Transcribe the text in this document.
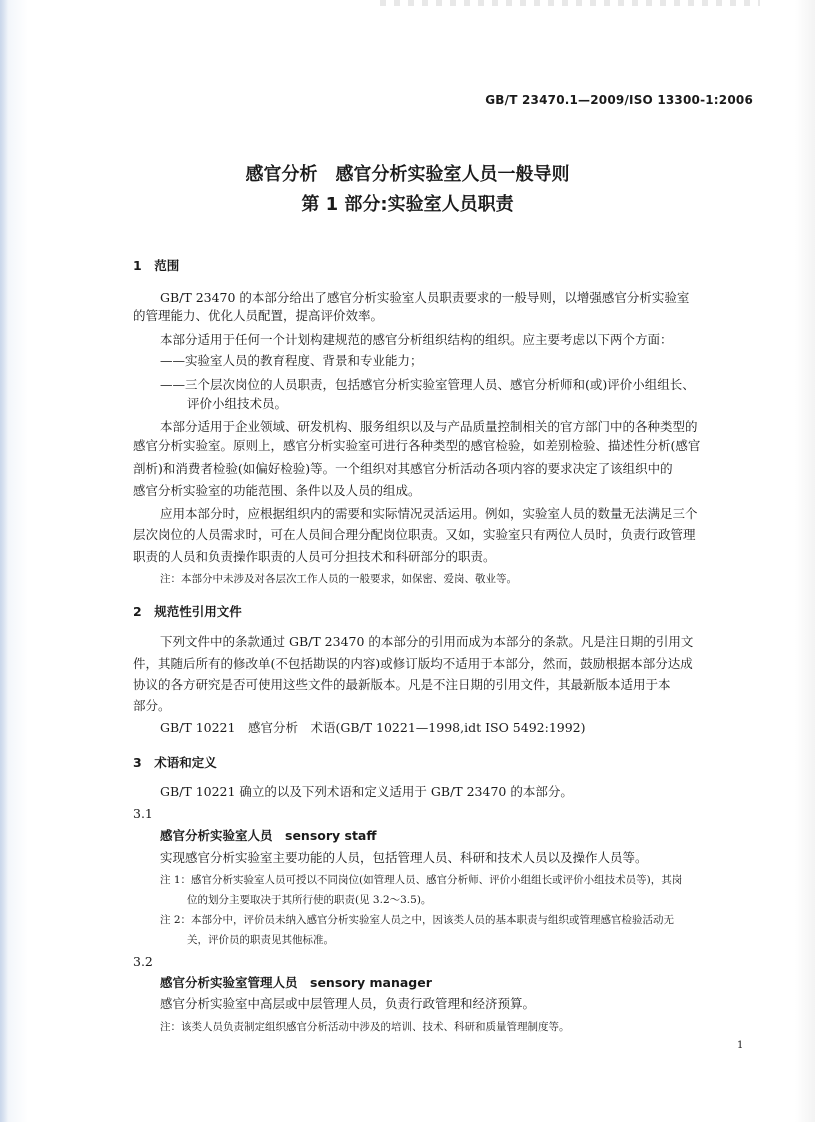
GB/T 23470.1—2009/ISO 13300-1:2006
感官分析　感官分析实验室人员一般导则
第 1 部分:实验室人员职责
1　范围
GB/T 23470 的本部分给出了感官分析实验室人员职责要求的一般导则，以增强感官分析实验室
的管理能力、优化人员配置，提高评价效率。
本部分适用于任何一个计划构建规范的感官分析组织结构的组织。应主要考虑以下两个方面：
——实验室人员的教育程度、背景和专业能力；
——三个层次岗位的人员职责，包括感官分析实验室管理人员、感官分析师和(或)评价小组组长、
评价小组技术员。
本部分适用于企业领域、研发机构、服务组织以及与产品质量控制相关的官方部门中的各种类型的
感官分析实验室。原则上，感官分析实验室可进行各种类型的感官检验，如差别检验、描述性分析(感官
剖析)和消费者检验(如偏好检验)等。一个组织对其感官分析活动各项内容的要求决定了该组织中的
感官分析实验室的功能范围、条件以及人员的组成。
应用本部分时，应根据组织内的需要和实际情况灵活运用。例如，实验室人员的数量无法满足三个
层次岗位的人员需求时，可在人员间合理分配岗位职责。又如，实验室只有两位人员时，负责行政管理
职责的人员和负责操作职责的人员可分担技术和科研部分的职责。
注：本部分中未涉及对各层次工作人员的一般要求，如保密、爱岗、敬业等。
2　规范性引用文件
下列文件中的条款通过 GB/T 23470 的本部分的引用而成为本部分的条款。凡是注日期的引用文
件，其随后所有的修改单(不包括勘误的内容)或修订版均不适用于本部分，然而，鼓励根据本部分达成
协议的各方研究是否可使用这些文件的最新版本。凡是不注日期的引用文件，其最新版本适用于本
部分。
GB/T 10221　感官分析　术语(GB/T 10221—1998,idt ISO 5492:1992)
3　术语和定义
GB/T 10221 确立的以及下列术语和定义适用于 GB/T 23470 的本部分。
3.1
感官分析实验室人员　sensory staff
实现感官分析实验室主要功能的人员，包括管理人员、科研和技术人员以及操作人员等。
注 1：感官分析实验室人员可授以不同岗位(如管理人员、感官分析师、评价小组组长或评价小组技术员等)，其岗
位的划分主要取决于其所行使的职责(见 3.2～3.5)。
注 2：本部分中，评价员未纳入感官分析实验室人员之中，因该类人员的基本职责与组织或管理感官检验活动无
关，评价员的职责见其他标准。
3.2
感官分析实验室管理人员　sensory manager
感官分析实验室中高层或中层管理人员，负责行政管理和经济预算。
注：该类人员负责制定组织感官分析活动中涉及的培训、技术、科研和质量管理制度等。
1
